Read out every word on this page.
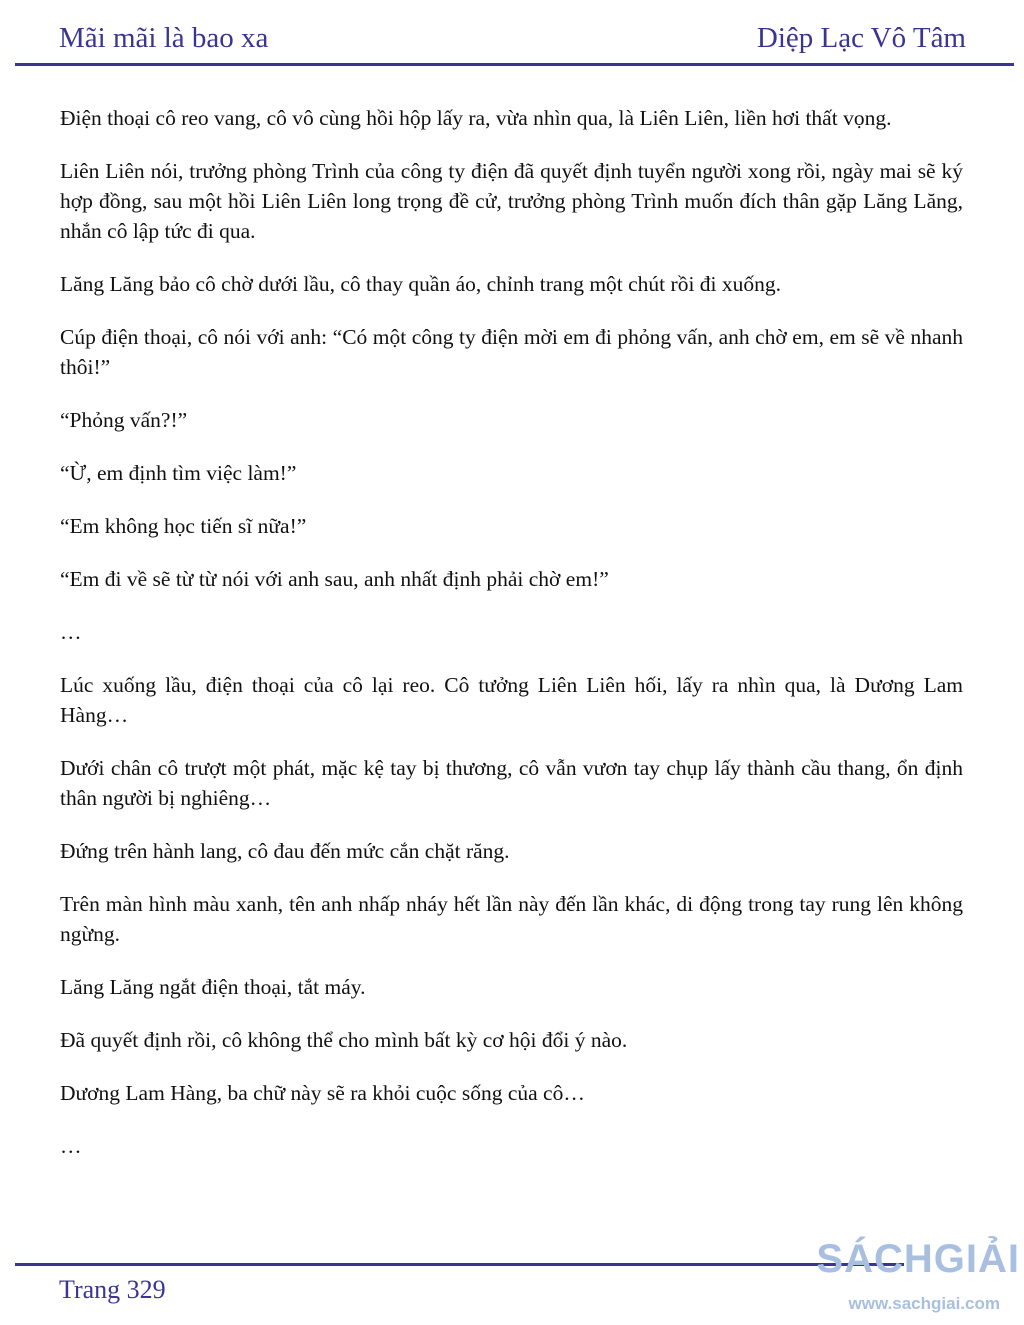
Mãi mãi là bao xa	Diệp Lạc Vô Tâm

Điện thoại cô reo vang, cô vô cùng hồi hộp lấy ra, vừa nhìn qua, là Liên Liên, liền hơi thất vọng.

Liên Liên nói, trưởng phòng Trình của công ty điện đã quyết định tuyển người xong rồi, ngày mai sẽ ký hợp đồng, sau một hồi Liên Liên long trọng đề cử, trưởng phòng Trình muốn đích thân gặp Lăng Lăng, nhắn cô lập tức đi qua.

Lăng Lăng bảo cô chờ dưới lầu, cô thay quần áo, chỉnh trang một chút rồi đi xuống.

Cúp điện thoại, cô nói với anh: “Có một công ty điện mời em đi phỏng vấn, anh chờ em, em sẽ về nhanh thôi!”

“Phỏng vấn?!”

“Ừ, em định tìm việc làm!”

“Em không học tiến sĩ nữa!”

“Em đi về sẽ từ từ nói với anh sau, anh nhất định phải chờ em!”

…

Lúc xuống lầu, điện thoại của cô lại reo. Cô tưởng Liên Liên hối, lấy ra nhìn qua, là Dương Lam Hàng…

Dưới chân cô trượt một phát, mặc kệ tay bị thương, cô vẫn vươn tay chụp lấy thành cầu thang, ổn định thân người bị nghiêng…

Đứng trên hành lang, cô đau đến mức cắn chặt răng.

Trên màn hình màu xanh, tên anh nhấp nháy hết lần này đến lần khác, di động trong tay rung lên không ngừng.

Lăng Lăng ngắt điện thoại, tắt máy.

Đã quyết định rồi, cô không thể cho mình bất kỳ cơ hội đổi ý nào.

Dương Lam Hàng, ba chữ này sẽ ra khỏi cuộc sống của cô…

…

Trang 329
SÁCHGIẢI
www.sachgiai.com
